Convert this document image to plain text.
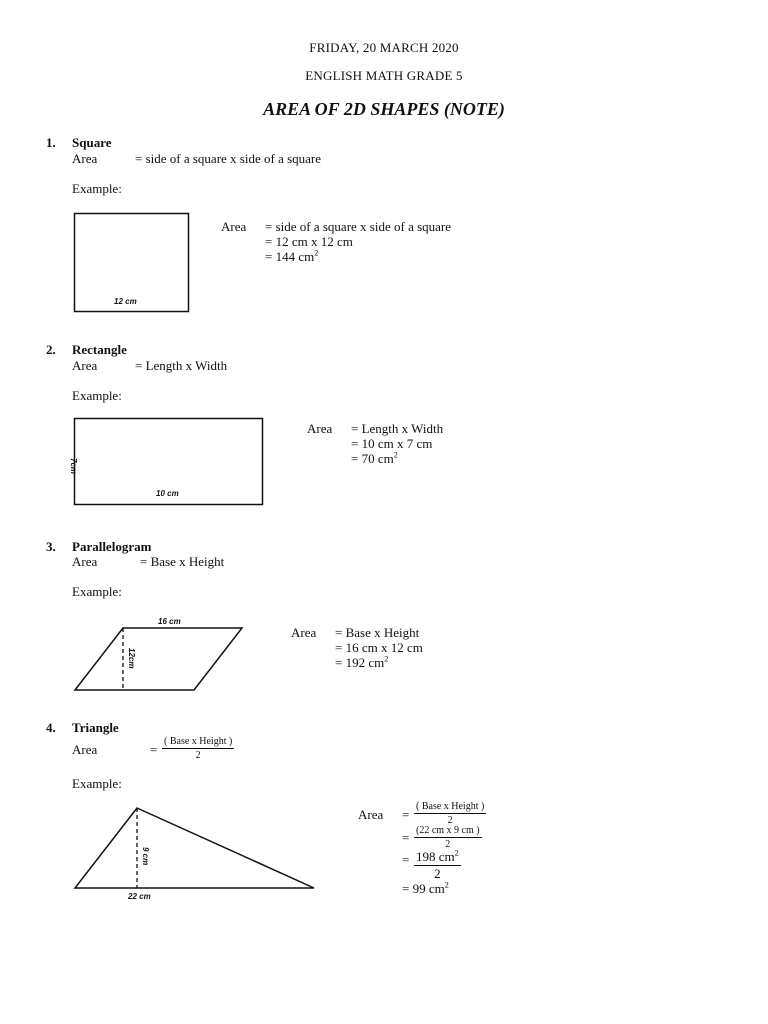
FRIDAY, 20 MARCH 2020
ENGLISH MATH GRADE 5
AREA OF 2D SHAPES (NOTE)
1. Square
Area	= side of a square x side of a square
Example:
12 cm
Area = side of a square x side of a square
= 12 cm x 12 cm
= 144 $cm^2$
2. Rectangle
Area	= Length x Width
Example:
7cm
10 cm
Area = Length x Width
= 10 cm x 7 cm
= 70 $cm^2$
3. Parallelogram
Area	= Base x Height
Example:
16 cm
12cm
Area = Base x Height
= 16 cm x 12 cm
= 192 $cm^2$
4. Triangle
Area	=
( Base x Height )
2
Example:
9 cm
22 cm
Area =
( Base x Height )
2
= $\frac{\text{(22 cm x 9 cm )}}{2}$
= $\frac{198 cm^2}{2}$
= 99 $cm^2$
